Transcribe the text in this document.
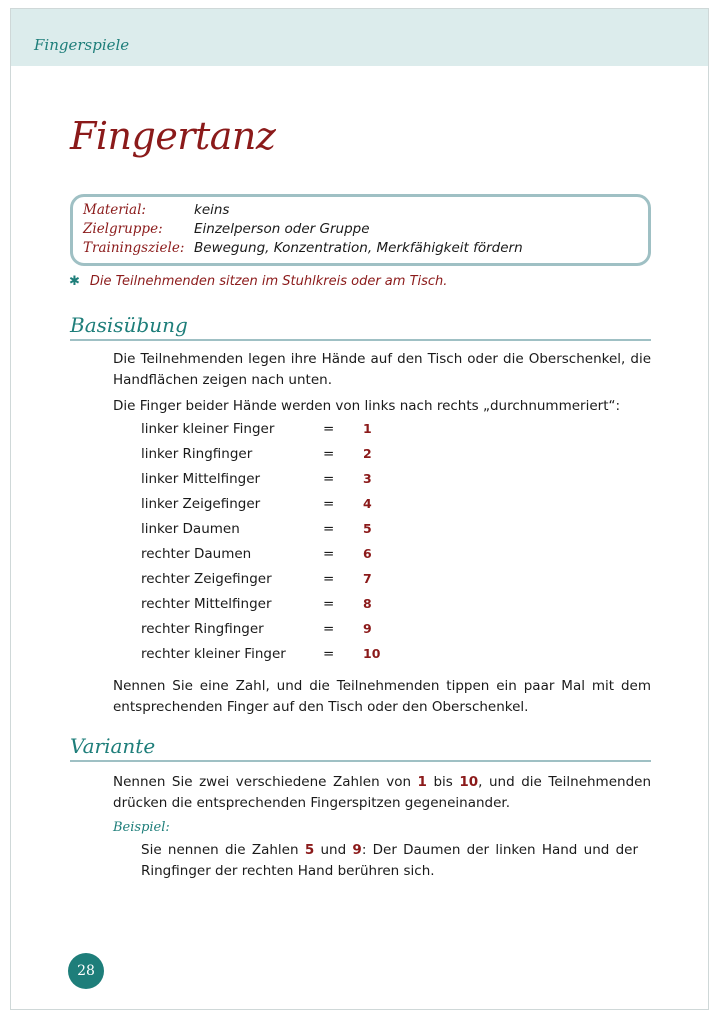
Fingerspiele
Fingertanz
Material:	keins
Zielgruppe: Einzelperson oder Gruppe
Trainingsziele: Bewegung, Konzentration, Merkfähigkeit fördern
✱ Die Teilnehmenden sitzen im Stuhlkreis oder am Tisch.
Basisübung
Die Teilnehmenden legen ihre Hände auf den Tisch oder die Oberschenkel, die Handflächen zeigen nach unten.
Die Finger beider Hände werden von links nach rechts „durchnummeriert“:
linker kleiner Finger	= 1
linker Ringfinger	= 2
linker Mittelfinger	= 3
linker Zeigefinger	= 4
linker Daumen	= 5
rechter Daumen	= 6
rechter Zeigefinger	= 7
rechter Mittelfinger	= 8
rechter Ringfinger	= 9
rechter kleiner Finger	= 10
Nennen Sie eine Zahl, und die Teilnehmenden tippen ein paar Mal mit dem entsprechenden Finger auf den Tisch oder den Oberschenkel.
Variante
Nennen Sie zwei verschiedene Zahlen von 1 bis 10, und die Teilnehmenden drücken die entsprechenden Fingerspitzen gegeneinander.
Beispiel:
Sie nennen die Zahlen 5 und 9: Der Daumen der linken Hand und der Ringfinger der rechten Hand berühren sich.
28
